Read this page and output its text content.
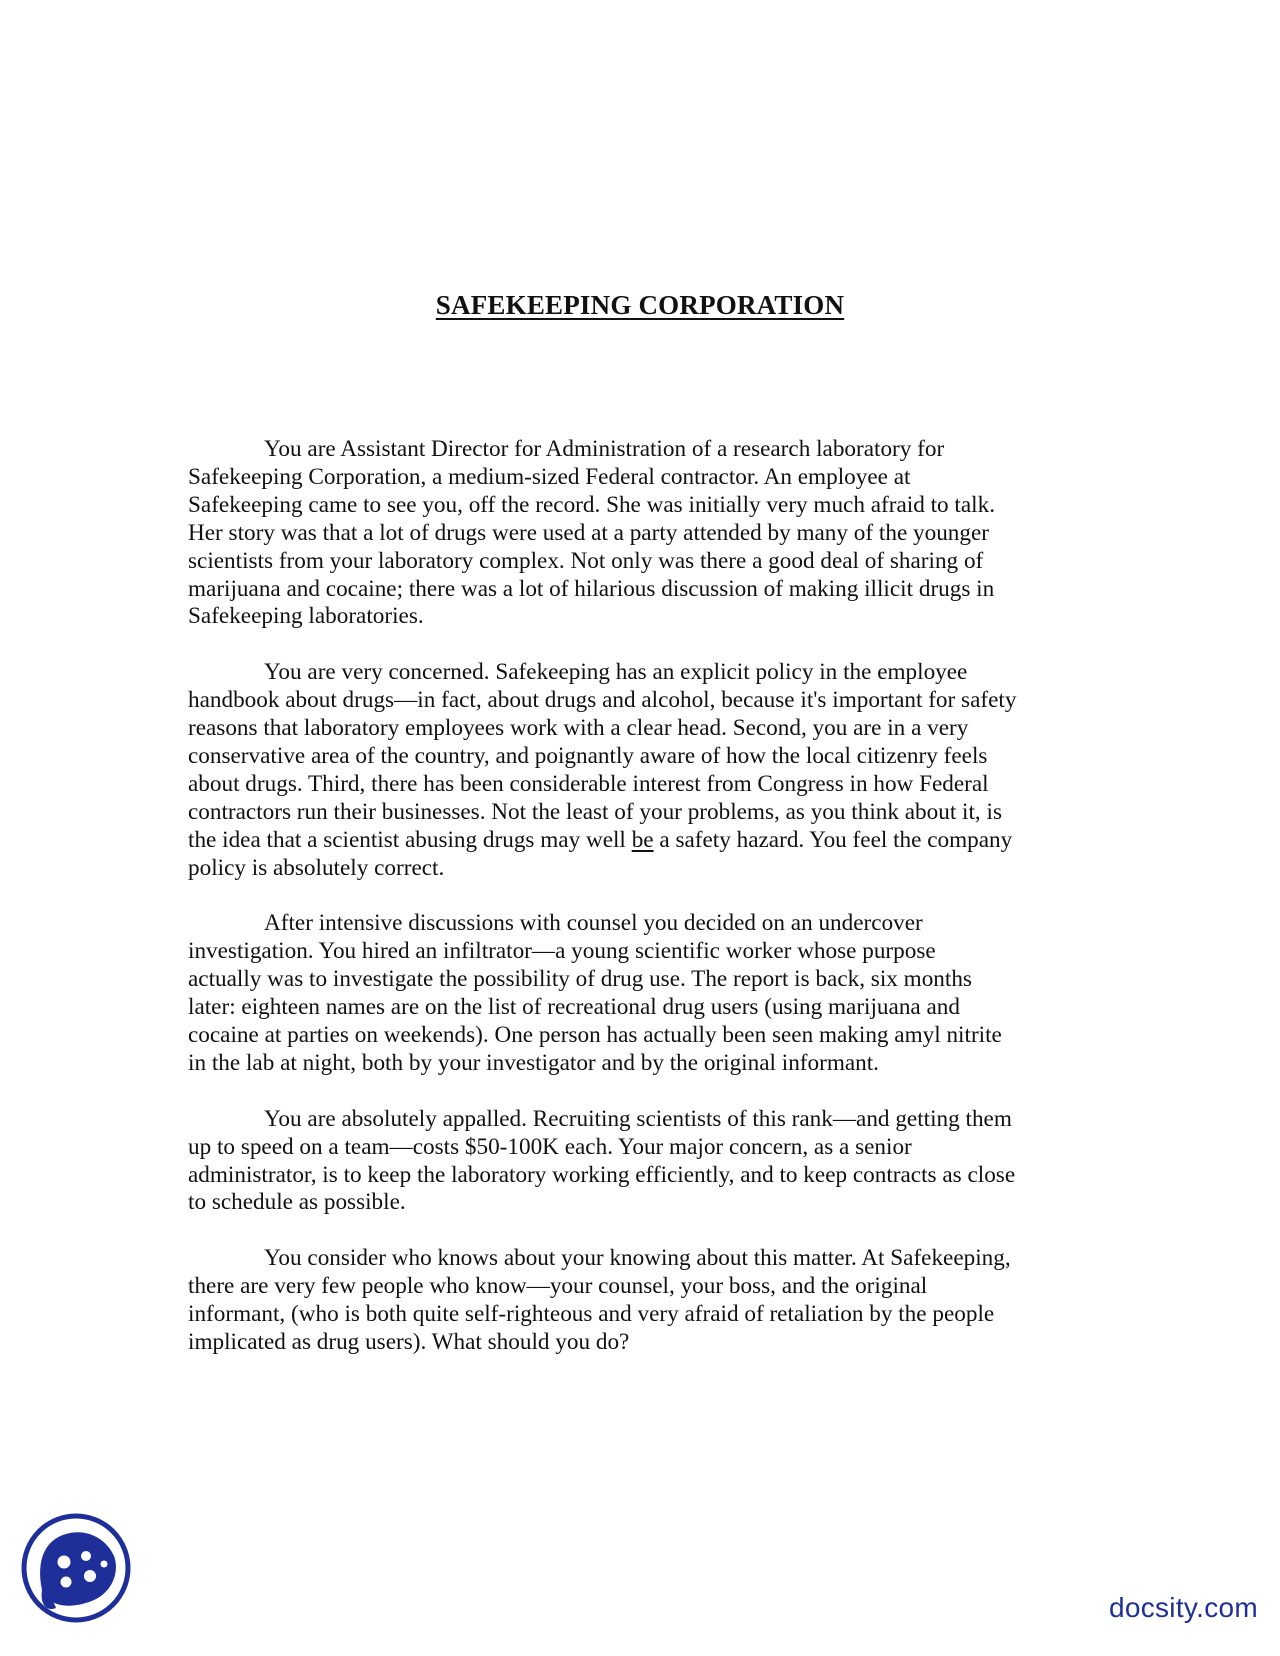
SAFEKEEPING CORPORATION

You are Assistant Director for Administration of a research laboratory for
Safekeeping Corporation, a medium-sized Federal contractor. An employee at
Safekeeping came to see you, off the record. She was initially very much afraid to talk.
Her story was that a lot of drugs were used at a party attended by many of the younger
scientists from your laboratory complex. Not only was there a good deal of sharing of
marijuana and cocaine; there was a lot of hilarious discussion of making illicit drugs in
Safekeeping laboratories.

You are very concerned. Safekeeping has an explicit policy in the employee
handbook about drugs—in fact, about drugs and alcohol, because it's important for safety
reasons that laboratory employees work with a clear head. Second, you are in a very
conservative area of the country, and poignantly aware of how the local citizenry feels
about drugs. Third, there has been considerable interest from Congress in how Federal
contractors run their businesses. Not the least of your problems, as you think about it, is
the idea that a scientist abusing drugs may well be a safety hazard. You feel the company
policy is absolutely correct.

After intensive discussions with counsel you decided on an undercover
investigation. You hired an infiltrator—a young scientific worker whose purpose
actually was to investigate the possibility of drug use. The report is back, six months
later: eighteen names are on the list of recreational drug users (using marijuana and
cocaine at parties on weekends). One person has actually been seen making amyl nitrite
in the lab at night, both by your investigator and by the original informant.

You are absolutely appalled. Recruiting scientists of this rank—and getting them
up to speed on a team—costs $50-100K each. Your major concern, as a senior
administrator, is to keep the laboratory working efficiently, and to keep contracts as close
to schedule as possible.

You consider who knows about your knowing about this matter. At Safekeeping,
there are very few people who know—your counsel, your boss, and the original
informant, (who is both quite self-righteous and very afraid of retaliation by the people
implicated as drug users). What should you do?

docsity.com
